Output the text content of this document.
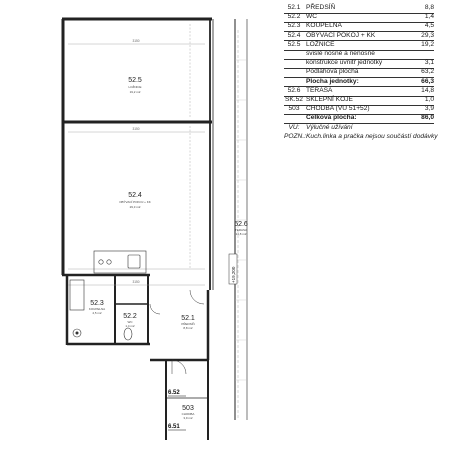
52.5
LOŽNICE
19,2 m2
52.4
OBÝVACÍ POKOJ + KK
29,3 m2
52.6
TERASA
14,8 m2
52.3
KOUPELNA
4,5 m2	52.2
WC
1,4 m2
52.1
PŘEDSÍŇ
8,8 m2
503
CHODBA
3,9 m2
3150
3150
3150
6.52
6.51
+19,200
52.1 PŘEDSÍŇ	8,8
52.2 WC	1,4
52.3 KOUPELNA	4,5
52.4 OBÝVACÍ POKOJ + KK	29,3
52.5 LOŽNICE	19,2
svislé nosné a nenosné
konstrukce uvnitř jednotky	3,1
Podlahová plocha	63,2
Plocha jednotky:	66,3
52.6 TERASA	14,8
SK.52 SKLEPNÍ KOJE	1,0
503 CHODBA (VU 51+52)	3,9
Celková plocha:	86,0
VU: Výlučné užívání
POZN.: Kuch.linka a pračka nejsou součástí dodávky
